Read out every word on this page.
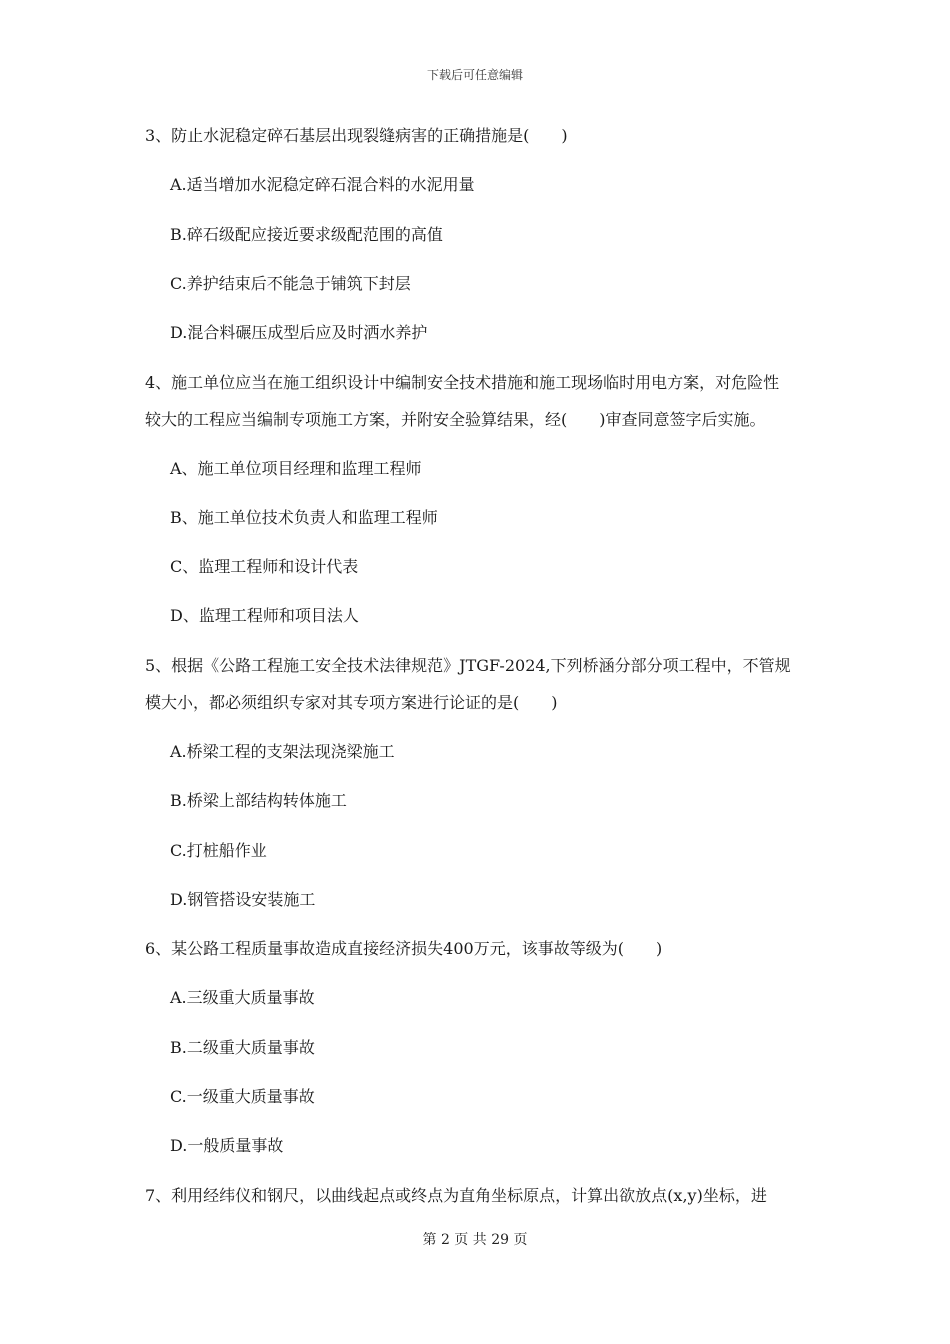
下载后可任意编辑
3、防止水泥稳定碎石基层出现裂缝病害的正确措施是(　　)
A.适当增加水泥稳定碎石混合料的水泥用量
B.碎石级配应接近要求级配范围的高值
C.养护结束后不能急于铺筑下封层
D.混合料碾压成型后应及时洒水养护
4、施工单位应当在施工组织设计中编制安全技术措施和施工现场临时用电方案，对危险性
较大的工程应当编制专项施工方案，并附安全验算结果，经(　　)审查同意签字后实施。
A、施工单位项目经理和监理工程师
B、施工单位技术负责人和监理工程师
C、监理工程师和设计代表
D、监理工程师和项目法人
5、根据《公路工程施工安全技术法律规范》JTGF-2024,下列桥涵分部分项工程中，不管规
模大小，都必须组织专家对其专项方案进行论证的是(　　)
A.桥梁工程的支架法现浇梁施工
B.桥梁上部结构转体施工
C.打桩船作业
D.钢管搭设安装施工
6、某公路工程质量事故造成直接经济损失400万元，该事故等级为(　　)
A.三级重大质量事故
B.二级重大质量事故
C.一级重大质量事故
D.一般质量事故
7、利用经纬仪和钢尺，以曲线起点或终点为直角坐标原点，计算出欲放点(x,y)坐标，进
第 2 页 共 29 页
